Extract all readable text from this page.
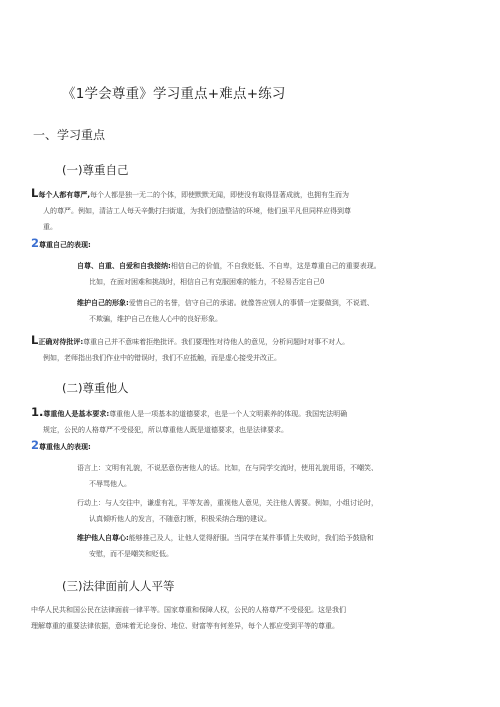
《1学会尊重》学习重点+难点+练习
一、学习重点
(一)尊重自己
L每个人都有尊严,每个人都是独一无二的个体，即使默默无闻，即使没有取得显著成就，也拥有生而为
人的尊严。例如，清洁工人每天辛勤打扫街道，为我们创造整洁的环境，他们虽平凡但同样应得到尊
重。
2尊重自己的表现:
自尊、自重、自爱和自我接纳:相信自己的价值，不自我贬低、不自卑，这是尊重自己的重要表现。
比如，在面对困难和挑战时，相信自己有克服困难的能力，不轻易否定自己0
维护自己的形象:爱惜自己的名誉，信守自己的承诺。就像答应别人的事情一定要做到，不说谎、
不欺骗，维护自己在他人心中的良好形象。
L正确对待批评:尊重自己并不意味着拒绝批评。我们要理性对待他人的意见，分析问题时对事不对人。
例如，老师指出我们作业中的错误时，我们不应抵触，而是虚心接受并改正。
(二)尊重他人
1.尊重他人是基本要求:尊重他人是一项基本的道德要求，也是一个人文明素养的体现。我国宪法明确
规定，公民的人格尊严不受侵犯，所以尊重他人既是道德要求，也是法律要求。
2尊重他人的表现:
语言上：文明有礼貌，不说恶意伤害他人的话。比如，在与同学交流时，使用礼貌用语，不嘲笑、
不辱骂他人。
行动上：与人交往中，谦虚有礼，平等友善，重视他人意见，关注他人需要。例如，小组讨论时，
认真倾听他人的发言，不随意打断，积极采纳合理的建议。
维护他人自尊心:能够推己及人，让他人觉得舒服。当同学在某件事情上失败时，我们给予鼓励和
安慰，而不是嘲笑和贬低。
(三)法律面前人人平等
中华人民共和国公民在法律面前一律平等。国家尊重和保障人权，公民的人格尊严不受侵犯。这是我们
理解尊重的重要法律依据，意味着无论身份、地位、财富等有何差异，每个人都应受到平等的尊重。
